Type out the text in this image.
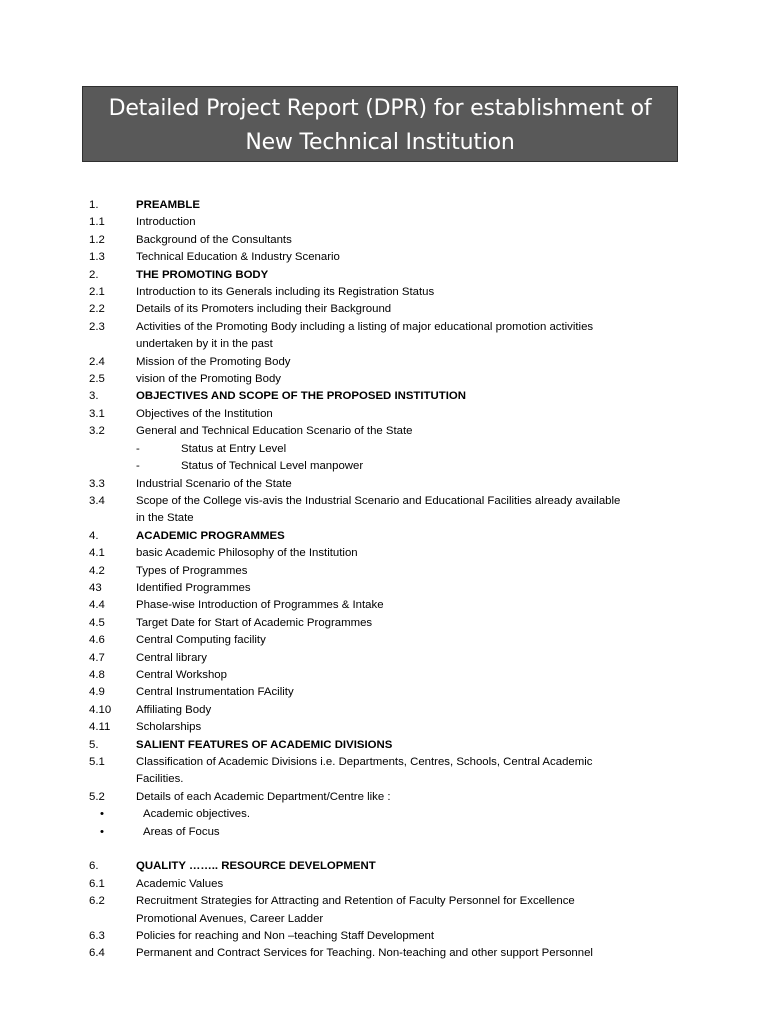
Detailed Project Report (DPR) for establishment of
New Technical Institution
1.	PREAMBLE
1.1	Introduction
1.2	Background of the Consultants
1.3	Technical Education & Industry Scenario
2.	THE PROMOTING BODY
2.1	Introduction to its Generals including its Registration Status
2.2	Details of its Promoters including their Background
2.3	Activities of the Promoting Body including a listing of major educational promotion activities
undertaken by it in the past
2.4	Mission of the Promoting Body
2.5	vision of the Promoting Body
3.	OBJECTIVES AND SCOPE OF THE PROPOSED INSTITUTION
3.1	Objectives of the Institution
3.2	General and Technical Education Scenario of the State
-	Status at Entry Level
-	Status of Technical Level manpower
3.3	Industrial Scenario of the State
3.4	Scope of the College vis-avis the Industrial Scenario and Educational Facilities already available
in the State
4.	ACADEMIC PROGRAMMES
4.1	basic Academic Philosophy of the Institution
4.2	Types of Programmes
43	Identified Programmes
4.4	Phase-wise Introduction of Programmes & Intake
4.5	Target Date for Start of Academic Programmes
4.6	Central Computing facility
4.7	Central library
4.8	Central Workshop
4.9	Central Instrumentation FAcility
4.10	Affiliating Body
4.11	Scholarships
5.	SALIENT FEATURES OF ACADEMIC DIVISIONS
5.1	Classification of Academic Divisions i.e. Departments, Centres, Schools, Central Academic
Facilities.
5.2	Details of each Academic Department/Centre like :
•	Academic objectives.
•	Areas of Focus
6.	QUALITY …….. RESOURCE DEVELOPMENT
6.1	Academic Values
6.2	Recruitment Strategies for Attracting and Retention of Faculty Personnel for Excellence
Promotional Avenues, Career Ladder
6.3	Policies for reaching and Non –teaching Staff Development
6.4	Permanent and Contract Services for Teaching. Non-teaching and other support Personnel
